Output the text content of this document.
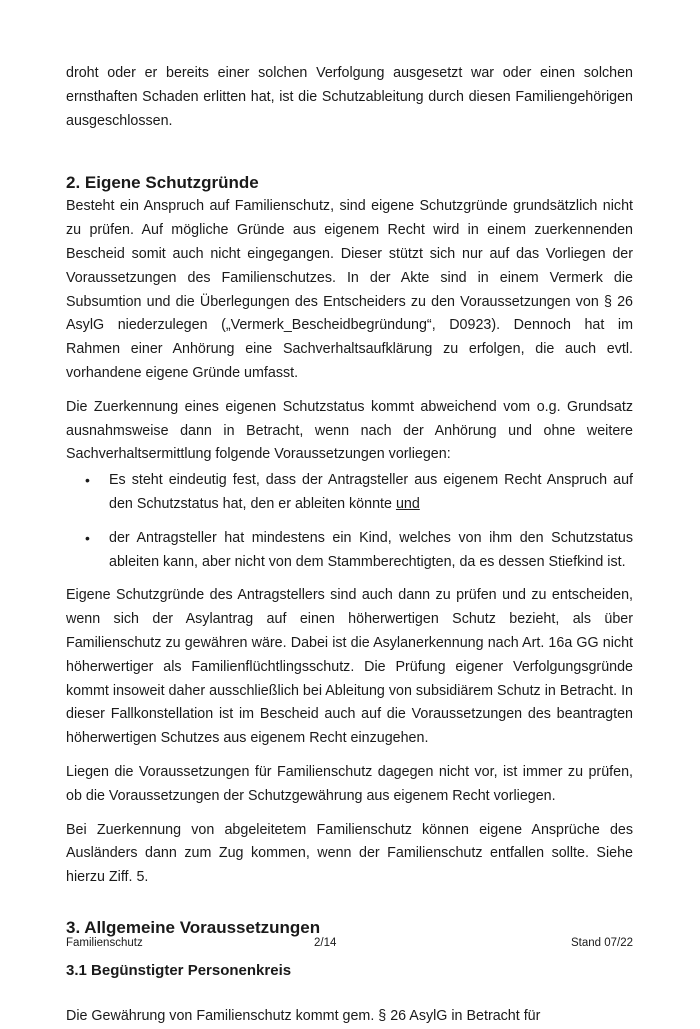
droht oder er bereits einer solchen Verfolgung ausgesetzt war oder einen solchen ernsthaften Schaden erlitten hat, ist die Schutzableitung durch diesen Familiengehörigen ausgeschlossen.

2. Eigene Schutzgründe

Besteht ein Anspruch auf Familienschutz, sind eigene Schutzgründe grundsätzlich nicht zu prüfen. Auf mögliche Gründe aus eigenem Recht wird in einem zuerkennenden Bescheid somit auch nicht eingegangen. Dieser stützt sich nur auf das Vorliegen der Voraussetzungen des Familienschutzes. In der Akte sind in einem Vermerk die Subsumtion und die Überlegungen des Entscheiders zu den Voraussetzungen von § 26 AsylG niederzulegen („Vermerk_Bescheidbegründung“, D0923). Dennoch hat im Rahmen einer Anhörung eine Sachverhaltsaufklärung zu erfolgen, die auch evtl. vorhandene eigene Gründe umfasst.

Die Zuerkennung eines eigenen Schutzstatus kommt abweichend vom o.g. Grundsatz ausnahmsweise dann in Betracht, wenn nach der Anhörung und ohne weitere Sachverhaltsermittlung folgende Voraussetzungen vorliegen:

• Es steht eindeutig fest, dass der Antragsteller aus eigenem Recht Anspruch auf den Schutzstatus hat, den er ableiten könnte und
• der Antragsteller hat mindestens ein Kind, welches von ihm den Schutzstatus ableiten kann, aber nicht von dem Stammberechtigten, da es dessen Stiefkind ist.

Eigene Schutzgründe des Antragstellers sind auch dann zu prüfen und zu entscheiden, wenn sich der Asylantrag auf einen höherwertigen Schutz bezieht, als über Familienschutz zu gewähren wäre. Dabei ist die Asylanerkennung nach Art. 16a GG nicht höherwertiger als Familienflüchtlingsschutz. Die Prüfung eigener Verfolgungsgründe kommt insoweit daher ausschließlich bei Ableitung von subsidiärem Schutz in Betracht. In dieser Fallkonstellation ist im Bescheid auch auf die Voraussetzungen des beantragten höherwertigen Schutzes aus eigenem Recht einzugehen.

Liegen die Voraussetzungen für Familienschutz dagegen nicht vor, ist immer zu prüfen, ob die Voraussetzungen der Schutzgewährung aus eigenem Recht vorliegen.

Bei Zuerkennung von abgeleitetem Familienschutz können eigene Ansprüche des Ausländers dann zum Zug kommen, wenn der Familienschutz entfallen sollte. Siehe hierzu Ziff. 5.

3. Allgemeine Voraussetzungen
3.1 Begünstigter Personenkreis

Die Gewährung von Familienschutz kommt gem. § 26 AsylG in Betracht für

Familienschutz	2/14	Stand 07/22
